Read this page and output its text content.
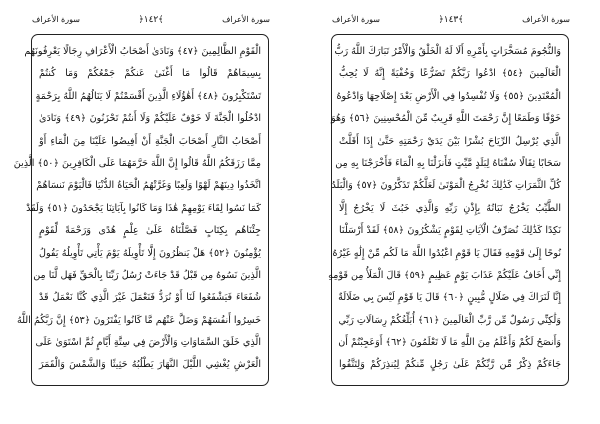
سورة الأعراف
﴿١٤٢﴾
سورة الأعراف
الْقَوْمِ الظَّالِمِينَ ﴿٤٧﴾ وَنَادَىٰ أَصْحَابُ الْأَعْرَافِ رِجَالًا يَعْرِفُونَهُم
بِسِيمَاهُمْ قَالُوا مَا أَغْنَىٰ عَنكُمْ جَمْعُكُمْ وَمَا كُنتُمْ
تَسْتَكْبِرُونَ ﴿٤٨﴾ أَهَٰؤُلَاءِ الَّذِينَ أَقْسَمْتُمْ لَا يَنَالُهُمُ اللَّهُ بِرَحْمَةٍ
ادْخُلُوا الْجَنَّةَ لَا خَوْفٌ عَلَيْكُمْ وَلَا أَنتُمْ تَحْزَنُونَ ﴿٤٩﴾ وَنَادَىٰ
أَصْحَابُ النَّارِ أَصْحَابَ الْجَنَّةِ أَنْ أَفِيضُوا عَلَيْنَا مِنَ الْمَاءِ أَوْ
مِمَّا رَزَقَكُمُ اللَّهُ قَالُوا إِنَّ اللَّهَ حَرَّمَهُمَا عَلَى الْكَافِرِينَ ﴿٥٠﴾ الَّذِينَ
اتَّخَذُوا دِينَهُمْ لَهْوًا وَلَعِبًا وَغَرَّتْهُمُ الْحَيَاةُ الدُّنْيَا فَالْيَوْمَ نَنسَاهُمْ
كَمَا نَسُوا لِقَاءَ يَوْمِهِمْ هَٰذَا وَمَا كَانُوا بِآيَاتِنَا يَجْحَدُونَ ﴿٥١﴾ وَلَقَدْ
جِئْنَاهُم بِكِتَابٍ فَصَّلْنَاهُ عَلَىٰ عِلْمٍ هُدًى وَرَحْمَةً لِّقَوْمٍ
يُؤْمِنُونَ ﴿٥٢﴾ هَلْ يَنظُرُونَ إِلَّا تَأْوِيلَهُ يَوْمَ يَأْتِي تَأْوِيلُهُ يَقُولُ
الَّذِينَ نَسُوهُ مِن قَبْلُ قَدْ جَاءَتْ رُسُلُ رَبِّنَا بِالْحَقِّ فَهَل لَّنَا مِن
شُفَعَاءَ فَيَشْفَعُوا لَنَا أَوْ نُرَدُّ فَنَعْمَلَ غَيْرَ الَّذِي كُنَّا نَعْمَلُ قَدْ
خَسِرُوا أَنفُسَهُمْ وَضَلَّ عَنْهُم مَّا كَانُوا يَفْتَرُونَ ﴿٥٣﴾ إِنَّ رَبَّكُمُ اللَّهُ
الَّذِي خَلَقَ السَّمَاوَاتِ وَالْأَرْضَ فِي سِتَّةِ أَيَّامٍ ثُمَّ اسْتَوَىٰ عَلَى
الْعَرْشِ يُغْشِي اللَّيْلَ النَّهَارَ يَطْلُبُهُ حَثِيثًا وَالشَّمْسَ وَالْقَمَرَ
سورة الأعراف
﴿١٤٣﴾
سورة الأعراف
وَالنُّجُومَ مُسَخَّرَاتٍ بِأَمْرِهِ أَلَا لَهُ الْخَلْقُ وَالْأَمْرُ تَبَارَكَ اللَّهُ رَبُّ
الْعَالَمِينَ ﴿٥٤﴾ ادْعُوا رَبَّكُمْ تَضَرُّعًا وَخُفْيَةً إِنَّهُ لَا يُحِبُّ
الْمُعْتَدِينَ ﴿٥٥﴾ وَلَا تُفْسِدُوا فِي الْأَرْضِ بَعْدَ إِصْلَاحِهَا وَادْعُوهُ
خَوْفًا وَطَمَعًا إِنَّ رَحْمَتَ اللَّهِ قَرِيبٌ مِّنَ الْمُحْسِنِينَ ﴿٥٦﴾ وَهُوَ
الَّذِي يُرْسِلُ الرِّيَاحَ بُشْرًا بَيْنَ يَدَيْ رَحْمَتِهِ حَتَّىٰ إِذَا أَقَلَّتْ
سَحَابًا ثِقَالًا سُقْنَاهُ لِبَلَدٍ مَّيِّتٍ فَأَنزَلْنَا بِهِ الْمَاءَ فَأَخْرَجْنَا بِهِ مِن
كُلِّ الثَّمَرَاتِ كَذَٰلِكَ نُخْرِجُ الْمَوْتَىٰ لَعَلَّكُمْ تَذَكَّرُونَ ﴿٥٧﴾ وَالْبَلَدُ
الطَّيِّبُ يَخْرُجُ نَبَاتُهُ بِإِذْنِ رَبِّهِ وَالَّذِي خَبُثَ لَا يَخْرُجُ إِلَّا
نَكِدًا كَذَٰلِكَ نُصَرِّفُ الْآيَاتِ لِقَوْمٍ يَشْكُرُونَ ﴿٥٨﴾ لَقَدْ أَرْسَلْنَا
نُوحًا إِلَىٰ قَوْمِهِ فَقَالَ يَا قَوْمِ اعْبُدُوا اللَّهَ مَا لَكُم مِّنْ إِلَٰهٍ غَيْرُهُ
إِنِّي أَخَافُ عَلَيْكُمْ عَذَابَ يَوْمٍ عَظِيمٍ ﴿٥٩﴾ قَالَ الْمَلَأُ مِن قَوْمِهِ
إِنَّا لَنَرَاكَ فِي ضَلَالٍ مُّبِينٍ ﴿٦٠﴾ قَالَ يَا قَوْمِ لَيْسَ بِي ضَلَالَةٌ
وَلَٰكِنِّي رَسُولٌ مِّن رَّبِّ الْعَالَمِينَ ﴿٦١﴾ أُبَلِّغُكُمْ رِسَالَاتِ رَبِّي
وَأَنصَحُ لَكُمْ وَأَعْلَمُ مِنَ اللَّهِ مَا لَا تَعْلَمُونَ ﴿٦٢﴾ أَوَعَجِبْتُمْ أَن
جَاءَكُمْ ذِكْرٌ مِّن رَّبِّكُمْ عَلَىٰ رَجُلٍ مِّنكُمْ لِيُنذِرَكُمْ وَلِتَتَّقُوا
